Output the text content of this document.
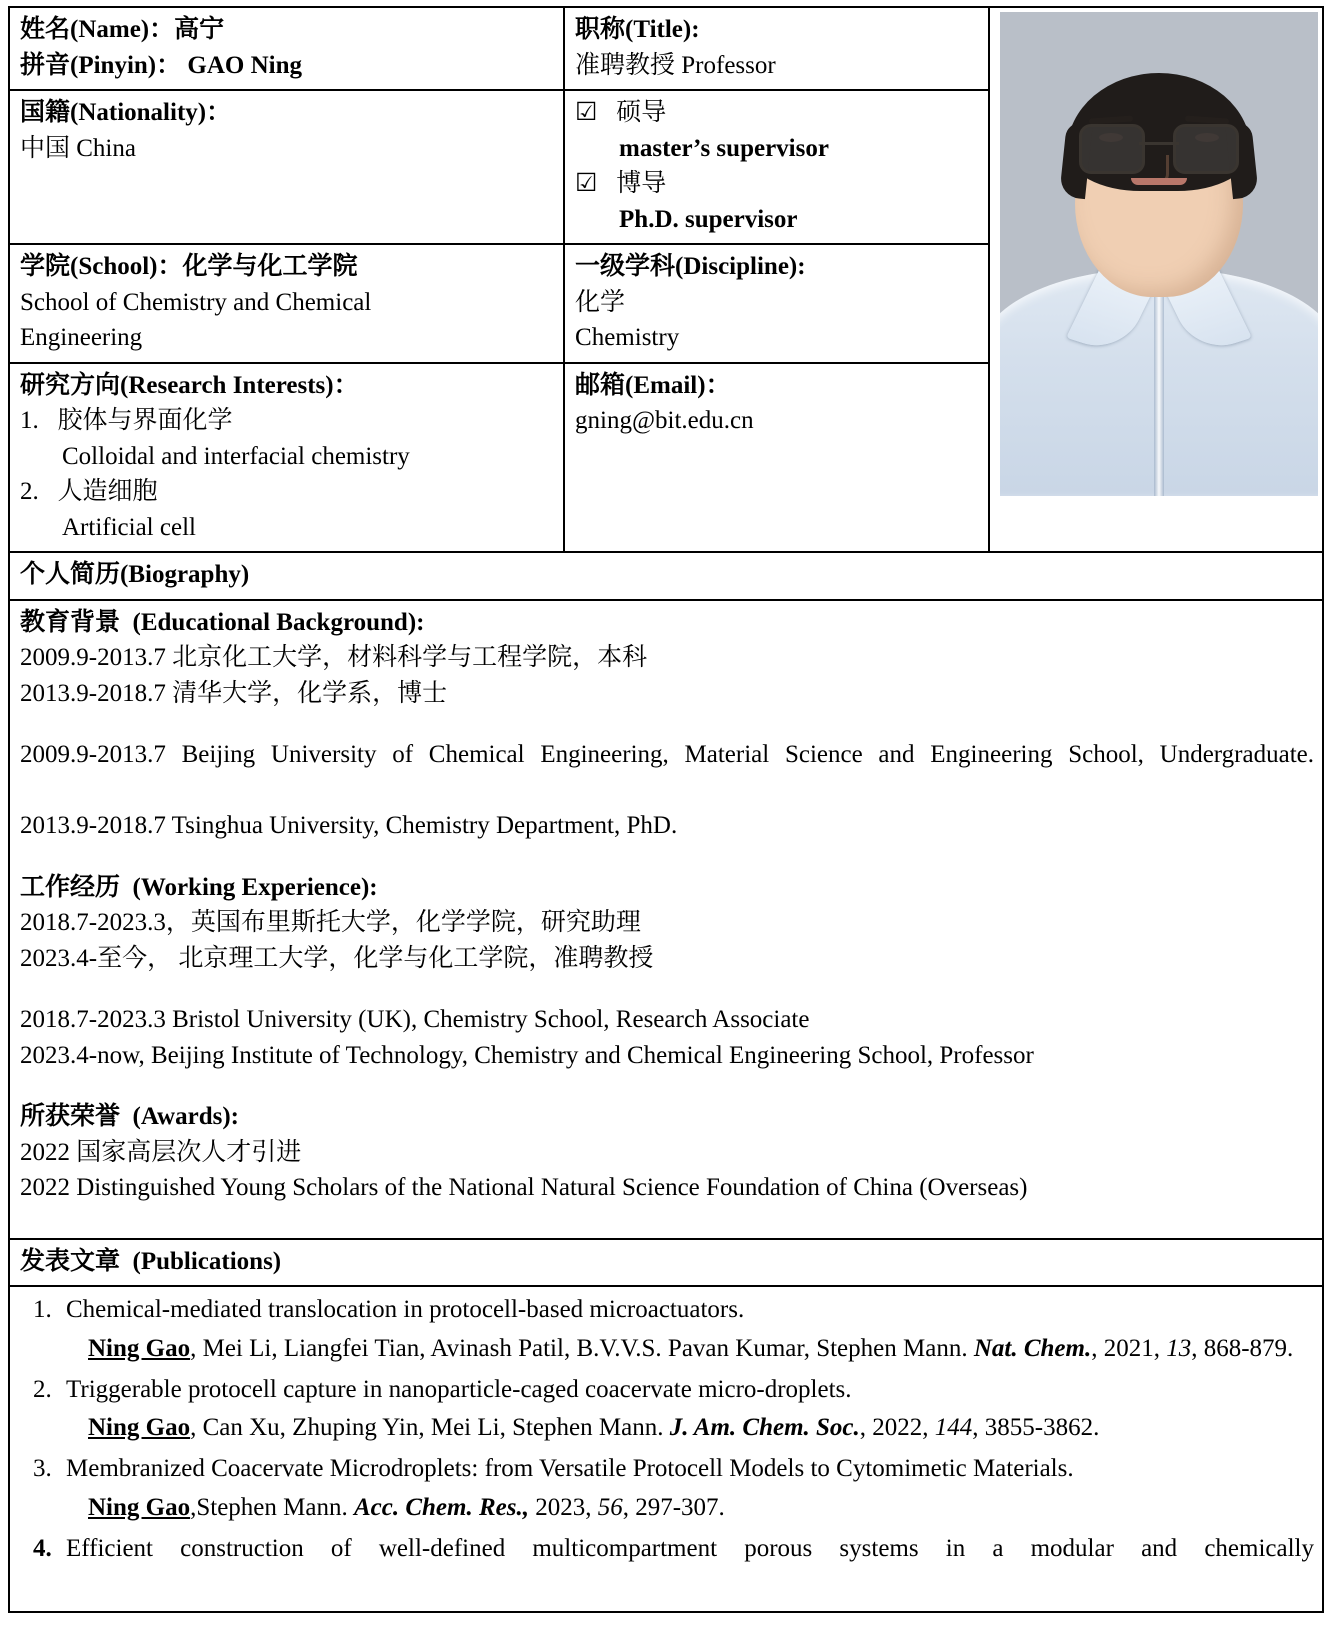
姓名(Name)：高宁
拼音(Pinyin)： GAO Ning

职称(Title):
准聘教授 Professor

国籍(Nationality)：
中国 China

☑ 硕导
master’s supervisor
☑ 博导
Ph.D. supervisor

学院(School)：化学与化工学院
School of Chemistry and Chemical
Engineering

一级学科(Discipline):
化学
Chemistry

研究方向(Research Interests)：
1. 胶体与界面化学
Colloidal and interfacial chemistry
2. 人造细胞
Artificial cell

邮箱(Email)：
gning@bit.edu.cn

个人简历(Biography)		

教育背景 (Educational Background):

2009.9-2013.7 北京化工大学，材料科学与工程学院，本科

2013.9-2018.7 清华大学，化学系，博士

2009.9-2013.7 Beijing University of Chemical Engineering, Material Science and Engineering School, Undergraduate.

2013.9-2018.7 Tsinghua University, Chemistry Department, PhD.

工作经历 (Working Experience):

2018.7-2023.3，英国布里斯托大学，化学学院，研究助理

2023.4-至今， 北京理工大学，化学与化工学院，准聘教授

2018.7-2023.3 Bristol University (UK), Chemistry School, Research Associate

2023.4-now, Beijing Institute of Technology, Chemistry and Chemical Engineering School, Professor

所获荣誉 (Awards):

2022 国家高层次人才引进

2022 Distinguished Young Scholars of the National Natural Science Foundation of China (Overseas)

发表文章 (Publications)		

1. Chemical-mediated translocation in protocell-based microactuators.
Ning Gao, Mei Li, Liangfei Tian, Avinash Patil, B.V.V.S. Pavan Kumar, Stephen Mann. Nat. Chem., 2021, 13, 868-879.
2. Triggerable protocell capture in nanoparticle-caged coacervate micro-droplets.
Ning Gao, Can Xu, Zhuping Yin, Mei Li, Stephen Mann. J. Am. Chem. Soc., 2022, 144, 3855-3862.
3. Membranized Coacervate Microdroplets: from Versatile Protocell Models to Cytomimetic Materials.
Ning Gao,Stephen Mann. Acc. Chem. Res., 2023, 56, 297-307.
4. Efficient construction of well-defined multicompartment porous systems in a modular and chemically
